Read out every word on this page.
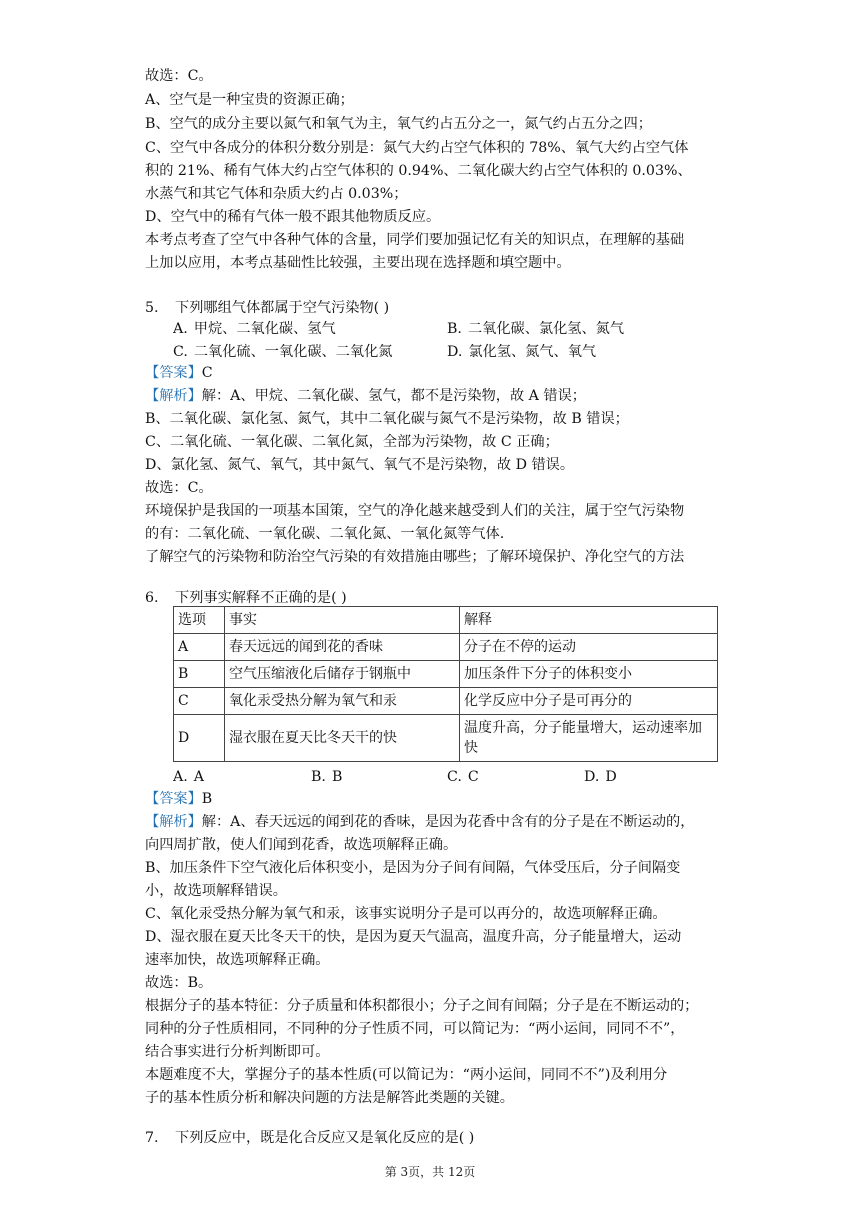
故选：C。
A、空气是一种宝贵的资源正确；
B、空气的成分主要以氮气和氧气为主，氧气约占五分之一，氮气约占五分之四；
C、空气中各成分的体积分数分别是：氮气大约占空气体积的 78%、氧气大约占空气体
积的 21%、稀有气体大约占空气体积的 0.94%、二氧化碳大约占空气体积的 0.03%、
水蒸气和其它气体和杂质大约占 0.03%；
D、空气中的稀有气体一般不跟其他物质反应。
本考点考查了空气中各种气体的含量，同学们要加强记忆有关的知识点，在理解的基础
上加以应用，本考点基础性比较强，主要出现在选择题和填空题中。
5. 下列哪组气体都属于空气污染物( )
A. 甲烷、二氧化碳、氢气	B. 二氧化碳、氯化氢、氮气
C. 二氧化硫、一氧化碳、二氧化氮	D. 氯化氢、氮气、氧气
【答案】C
【解析】解：A、甲烷、二氧化碳、氢气，都不是污染物，故 A 错误；
B、二氧化碳、氯化氢、氮气，其中二氧化碳与氮气不是污染物，故 B 错误；
C、二氧化硫、一氧化碳、二氧化氮，全部为污染物，故 C 正确；
D、氯化氢、氮气、氧气，其中氮气、氧气不是污染物，故 D 错误。
故选：C。
环境保护是我国的一项基本国策，空气的净化越来越受到人们的关注，属于空气污染物
的有：二氧化硫、一氧化碳、二氧化氮、一氧化氮等气体.
了解空气的污染物和防治空气污染的有效措施由哪些；了解环境保护、净化空气的方法
6. 下列事实解释不正确的是( )
选项	事实	解释
A	春天远远的闻到花的香味	分子在不停的运动
B	空气压缩液化后储存于钢瓶中	加压条件下分子的体积变小
C	氧化汞受热分解为氧气和汞	化学反应中分子是可再分的
D	湿衣服在夏天比冬天干的快	温度升高，分子能量增大，运动速率加快
A. A	B. B	C. C	D. D
【答案】B
【解析】解：A、春天远远的闻到花的香味，是因为花香中含有的分子是在不断运动的，
向四周扩散，使人们闻到花香，故选项解释正确。
B、加压条件下空气液化后体积变小，是因为分子间有间隔，气体受压后，分子间隔变
小，故选项解释错误。
C、氧化汞受热分解为氧气和汞，该事实说明分子是可以再分的，故选项解释正确。
D、湿衣服在夏天比冬天干的快，是因为夏天气温高，温度升高，分子能量增大，运动
速率加快，故选项解释正确。
故选：B。
根据分子的基本特征：分子质量和体积都很小；分子之间有间隔；分子是在不断运动的；
同种的分子性质相同，不同种的分子性质不同，可以简记为：“两小运间，同同不不”，
结合事实进行分析判断即可。
本题难度不大，掌握分子的基本性质(可以简记为：“两小运间，同同不不”)及利用分
子的基本性质分析和解决问题的方法是解答此类题的关键。
7. 下列反应中，既是化合反应又是氧化反应的是( )
第 3页，共 12页
